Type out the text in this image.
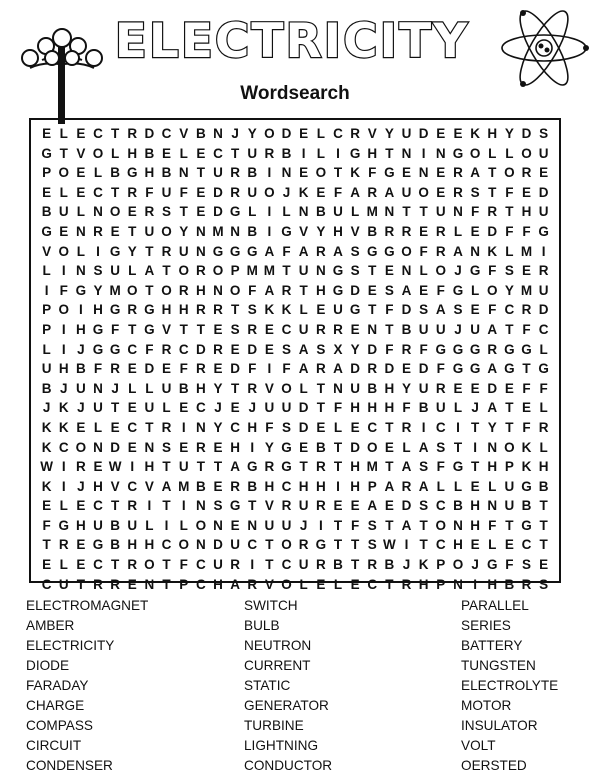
ELECTRICITY
Wordsearch
E L E C T R D C V B N J Y O D E L C R V Y U D E E K H Y D S
G T V O L H B E L E C T U R B I L I G H T N I N G O L L O U
P O E L B G H B N T U R B I N E O T K F G E N E R A T O R E
E L E C T R F U F E D R U O J K E F A R A U O E R S T F E D
B U L N O E R S T E D G L I L N B U L M N T T U N F R T H U
G E N R E T U O Y N M N B I G V Y H V B R R E R L E D F F G
V O L I G Y T R U N G G G A F A R A S G G O F R A N K L M I
L I N S U L A T O R O P M M T U N G S T E N L O J G F S E R
I F G Y M O T O R H N O F A R T H G D E S A E F G L O Y M U
P O I H G R G H H R R T S K K L E U G T F D S A S E F C R D
P I H G F T G V T T E S R E C U R R E N T B U U J U A T F C
L I J G G C F R C D R E D E S A S X Y D F R F G G G R G G L
U H B F R E D E F R E D F I F A R A D R D E D F G G A G T G
B J U N J L L U B H Y T R V O L T N U B H Y U R E E D E F F
J K J U T E U L E C J E J U U D T F H H H F B U L J A T E L
K K E L E C T R I N Y C H F S D E L E C T R I C I T Y T F R
K C O N D E N S E R E H I Y G E B T D O E L A S T I N O K L
W I R E W I H T U T T A G R G T R T H M T A S F G T H P K H
K I J H V C V A M B E R B H C H H I H P A R A L L E L U G B
E L E C T R I T I N S G T V R U R E E A E D S C B H N U B T
F G H U B U L I L O N E N U U J I T F S T A T O N H F T G T
T R E G B H H C O N D U C T O R G T T S W I T C H E L E C T
E L E C T R O T F C U R I T C U R B T R B J K P O J G F S E
C U T R R E N T P C H A R V O L E L E C T R H P N I H B R S
ELECTROMAGNET
AMBER
ELECTRICITY
DIODE
FARADAY
CHARGE
COMPASS
CIRCUIT
CONDENSER
SWITCH
BULB
NEUTRON
CURRENT
STATIC
GENERATOR
TURBINE
LIGHTNING
CONDUCTOR
PARALLEL
SERIES
BATTERY
TUNGSTEN
ELECTROLYTE
MOTOR
INSULATOR
VOLT
OERSTED
